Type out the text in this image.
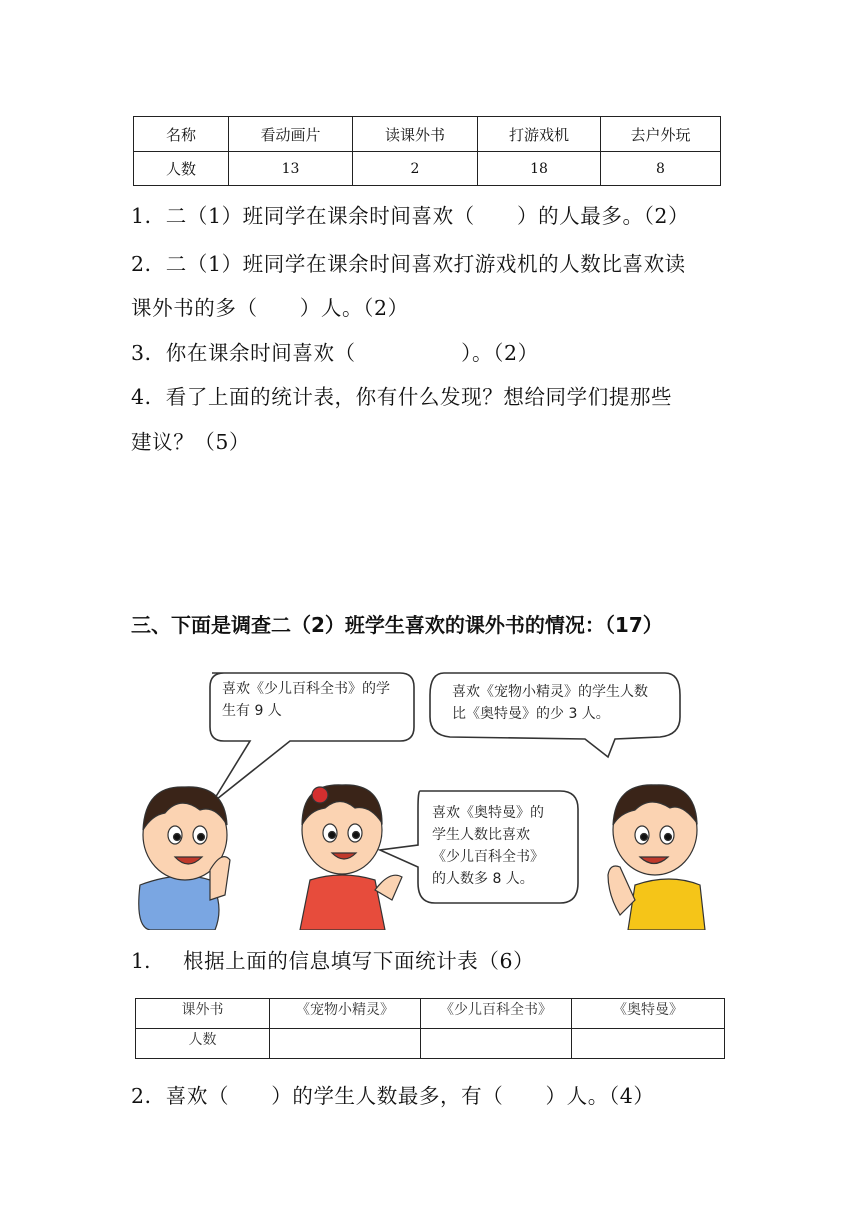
名称	看动画片	读课外书	打游戏机	去户外玩
人数	13	2	18	8
1．二（1）班同学在课余时间喜欢（　　）的人最多。（2）
2．二（1）班同学在课余时间喜欢打游戏机的人数比喜欢读
课外书的多（　　）人。（2）
3．你在课余时间喜欢（　　　　　）。（2）
4．看了上面的统计表，你有什么发现？想给同学们提那些
建议？（5）
三、下面是调查二（2）班学生喜欢的课外书的情况：（17）
喜欢《少儿百科全书》的学
生有 9 人
喜欢《宠物小精灵》的学生人数
比《奥特曼》的少 3 人。
喜欢《奥特曼》的
学生人数比喜欢
《少儿百科全书》
的人数多 8 人。
1. 根据上面的信息填写下面统计表（6）
课外书	《宠物小精灵》	《少儿百科全书》	《奥特曼》
人数			
2．喜欢（　　）的学生人数最多，有（　　）人。（4）
